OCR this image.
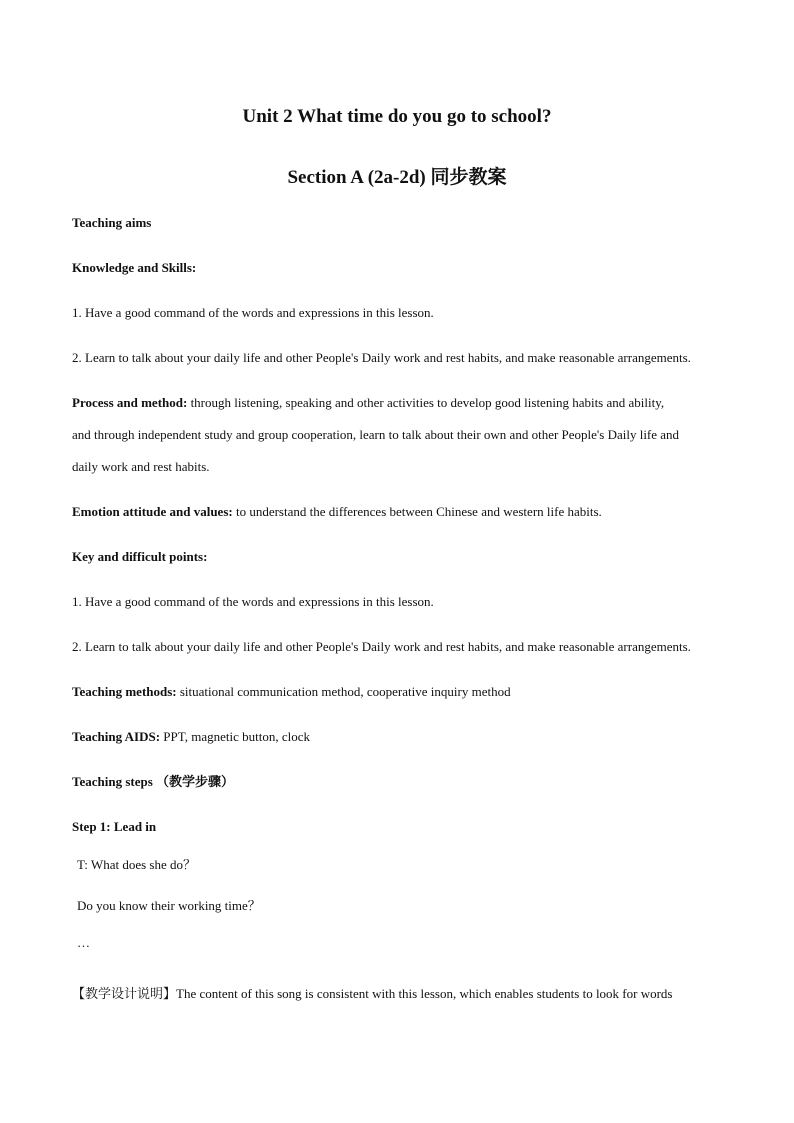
Unit 2 What time do you go to school?
Section A (2a-2d) 同步教案

Teaching aims

Knowledge and Skills:

1. Have a good command of the words and expressions in this lesson.

2. Learn to talk about your daily life and other People's Daily work and rest habits, and make reasonable arrangements.

Process and method: through listening, speaking and other activities to develop good listening habits and ability,

and through independent study and group cooperation, learn to talk about their own and other People's Daily life and

daily work and rest habits.

Emotion attitude and values: to understand the differences between Chinese and western life habits.

Key and difficult points:

1. Have a good command of the words and expressions in this lesson.

2. Learn to talk about your daily life and other People's Daily work and rest habits, and make reasonable arrangements.

Teaching methods: situational communication method, cooperative inquiry method

Teaching AIDS: PPT, magnetic button, clock

Teaching steps （教学步骤）

Step 1: Lead in

T: What does she do？

Do you know their working time？

…

【教学设计说明】The content of this song is consistent with this lesson, which enables students to look for words
